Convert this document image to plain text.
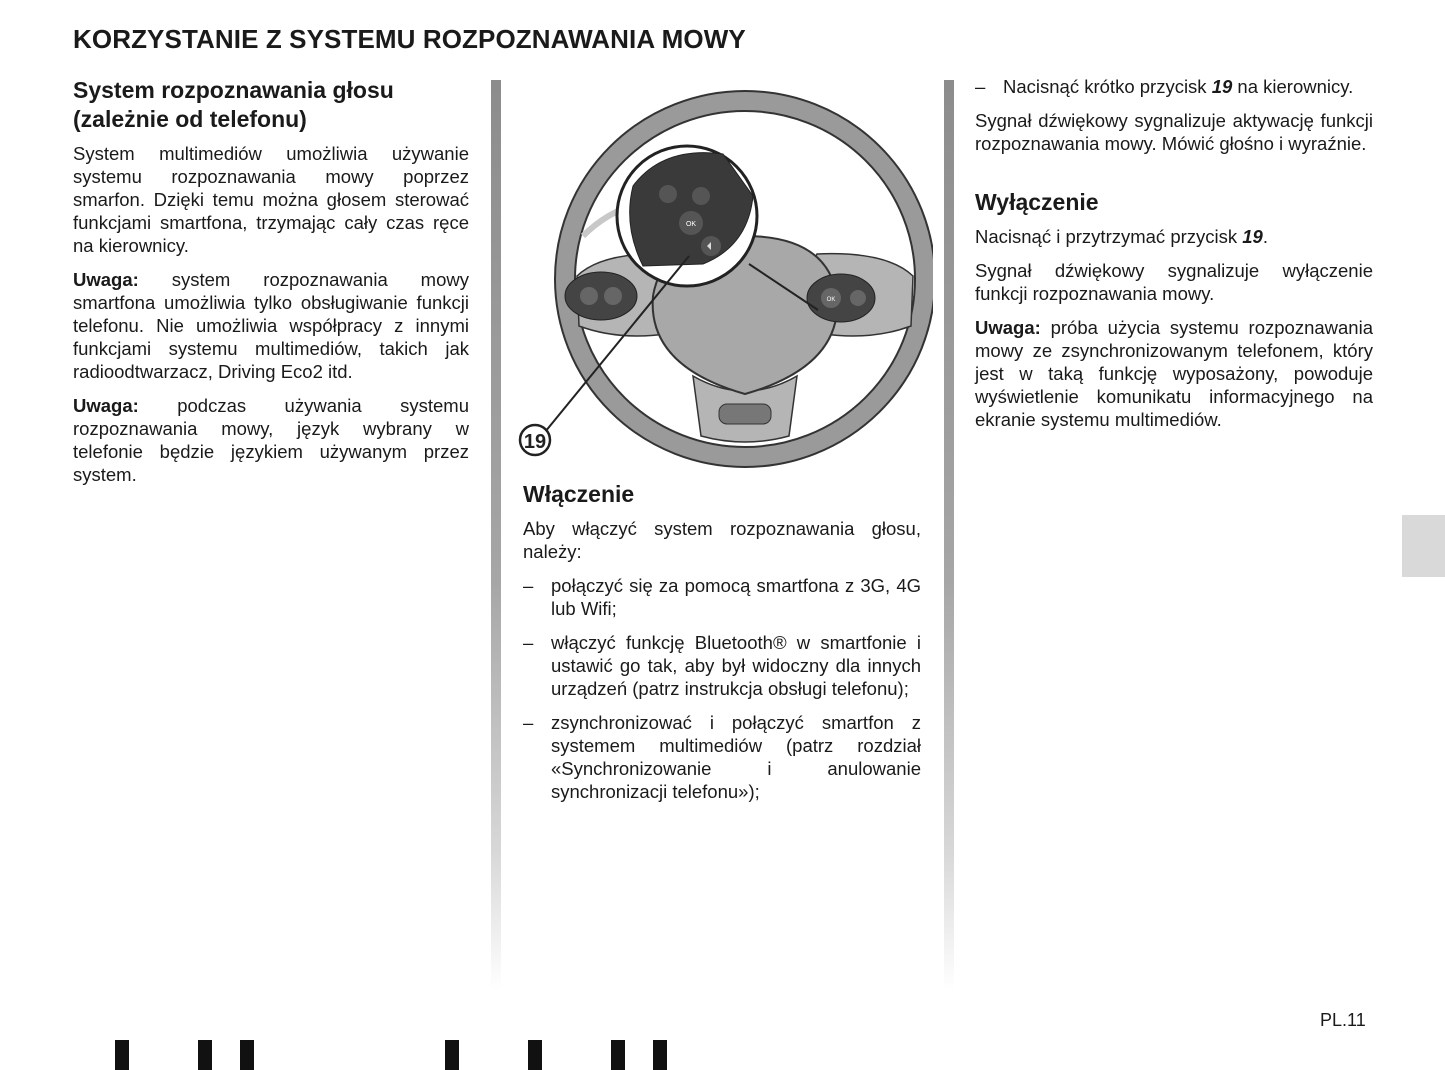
KORZYSTANIE Z SYSTEMU ROZPOZNAWANIA MOWY
System rozpoznawania głosu (zależnie od telefonu)

System multimediów umożliwia używanie systemu rozpoznawania mowy poprzez smarfon. Dzięki temu można głosem sterować funkcjami smartfona, trzymając cały czas ręce na kierownicy.

Uwaga: system rozpoznawania mowy smartfona umożliwia tylko obsługiwanie funkcji telefonu. Nie umożliwia współpracy z innymi funkcjami systemu multimediów, takich jak radioodtwarzacz, Driving Eco2 itd.

Uwaga: podczas używania systemu rozpoznawania mowy, język wybrany w telefonie będzie językiem używanym przez system.

OK
OK
19
Włączenie

Aby włączyć system rozpoznawania głosu, należy:

– połączyć się za pomocą smartfona z 3G, 4G lub Wifi;
– włączyć funkcję Bluetooth® w smartfonie i ustawić go tak, aby był widoczny dla innych urządzeń (patrz instrukcja obsługi telefonu);
– zsynchronizować i połączyć smartfon z systemem multimediów (patrz rozdział «Synchronizowanie i anulowanie synchronizacji telefonu»);
– Nacisnąć krótko przycisk 19 na kierownicy.

Sygnał dźwiękowy sygnalizuje aktywację funkcji rozpoznawania mowy. Mówić głośno i wyraźnie.

Wyłączenie

Nacisnąć i przytrzymać przycisk 19.

Sygnał dźwiękowy sygnalizuje wyłączenie funkcji rozpoznawania mowy.

Uwaga: próba użycia systemu rozpoznawania mowy ze zsynchronizowanym telefonem, który jest w taką funkcję wyposażony, powoduje wyświetlenie komunikatu informacyjnego na ekranie systemu multimediów.

PL.11
